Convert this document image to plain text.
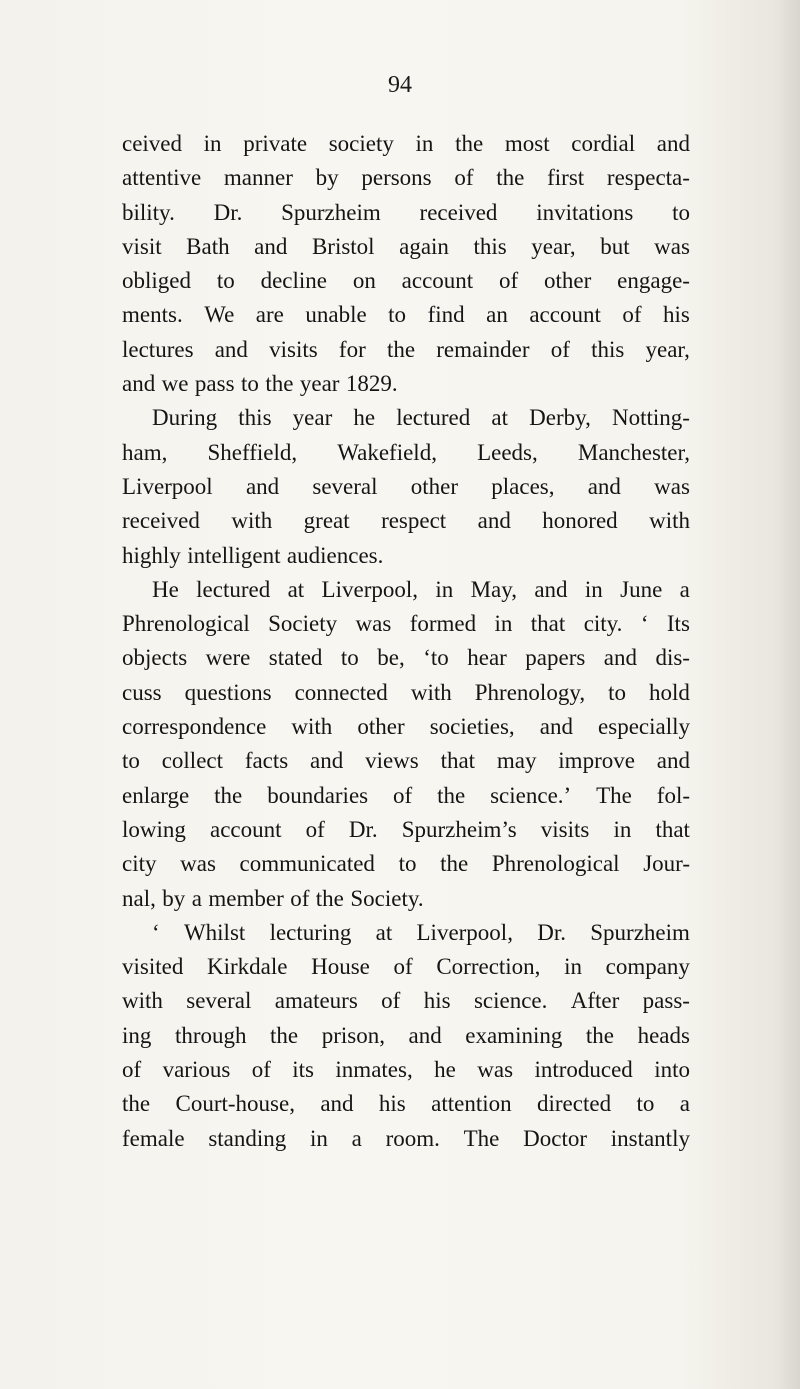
94
ceived in private society in the most cordial and
attentive manner by persons of the first respecta-
bility. Dr. Spurzheim received invitations to
visit Bath and Bristol again this year, but was
obliged to decline on account of other engage-
ments. We are unable to find an account of his
lectures and visits for the remainder of this year,
and we pass to the year 1829.
During this year he lectured at Derby, Notting-
ham, Sheffield, Wakefield, Leeds, Manchester,
Liverpool and several other places, and was
received with great respect and honored with
highly intelligent audiences.
He lectured at Liverpool, in May, and in June a
Phrenological Society was formed in that city. ‘ Its
objects were stated to be, ‘to hear papers and dis-
cuss questions connected with Phrenology, to hold
correspondence with other societies, and especially
to collect facts and views that may improve and
enlarge the boundaries of the science.’ The fol-
lowing account of Dr. Spurzheim’s visits in that
city was communicated to the Phrenological Jour-
nal, by a member of the Society.
‘ Whilst lecturing at Liverpool, Dr. Spurzheim
visited Kirkdale House of Correction, in company
with several amateurs of his science. After pass-
ing through the prison, and examining the heads
of various of its inmates, he was introduced into
the Court-house, and his attention directed to a
female standing in a room. The Doctor instantly
